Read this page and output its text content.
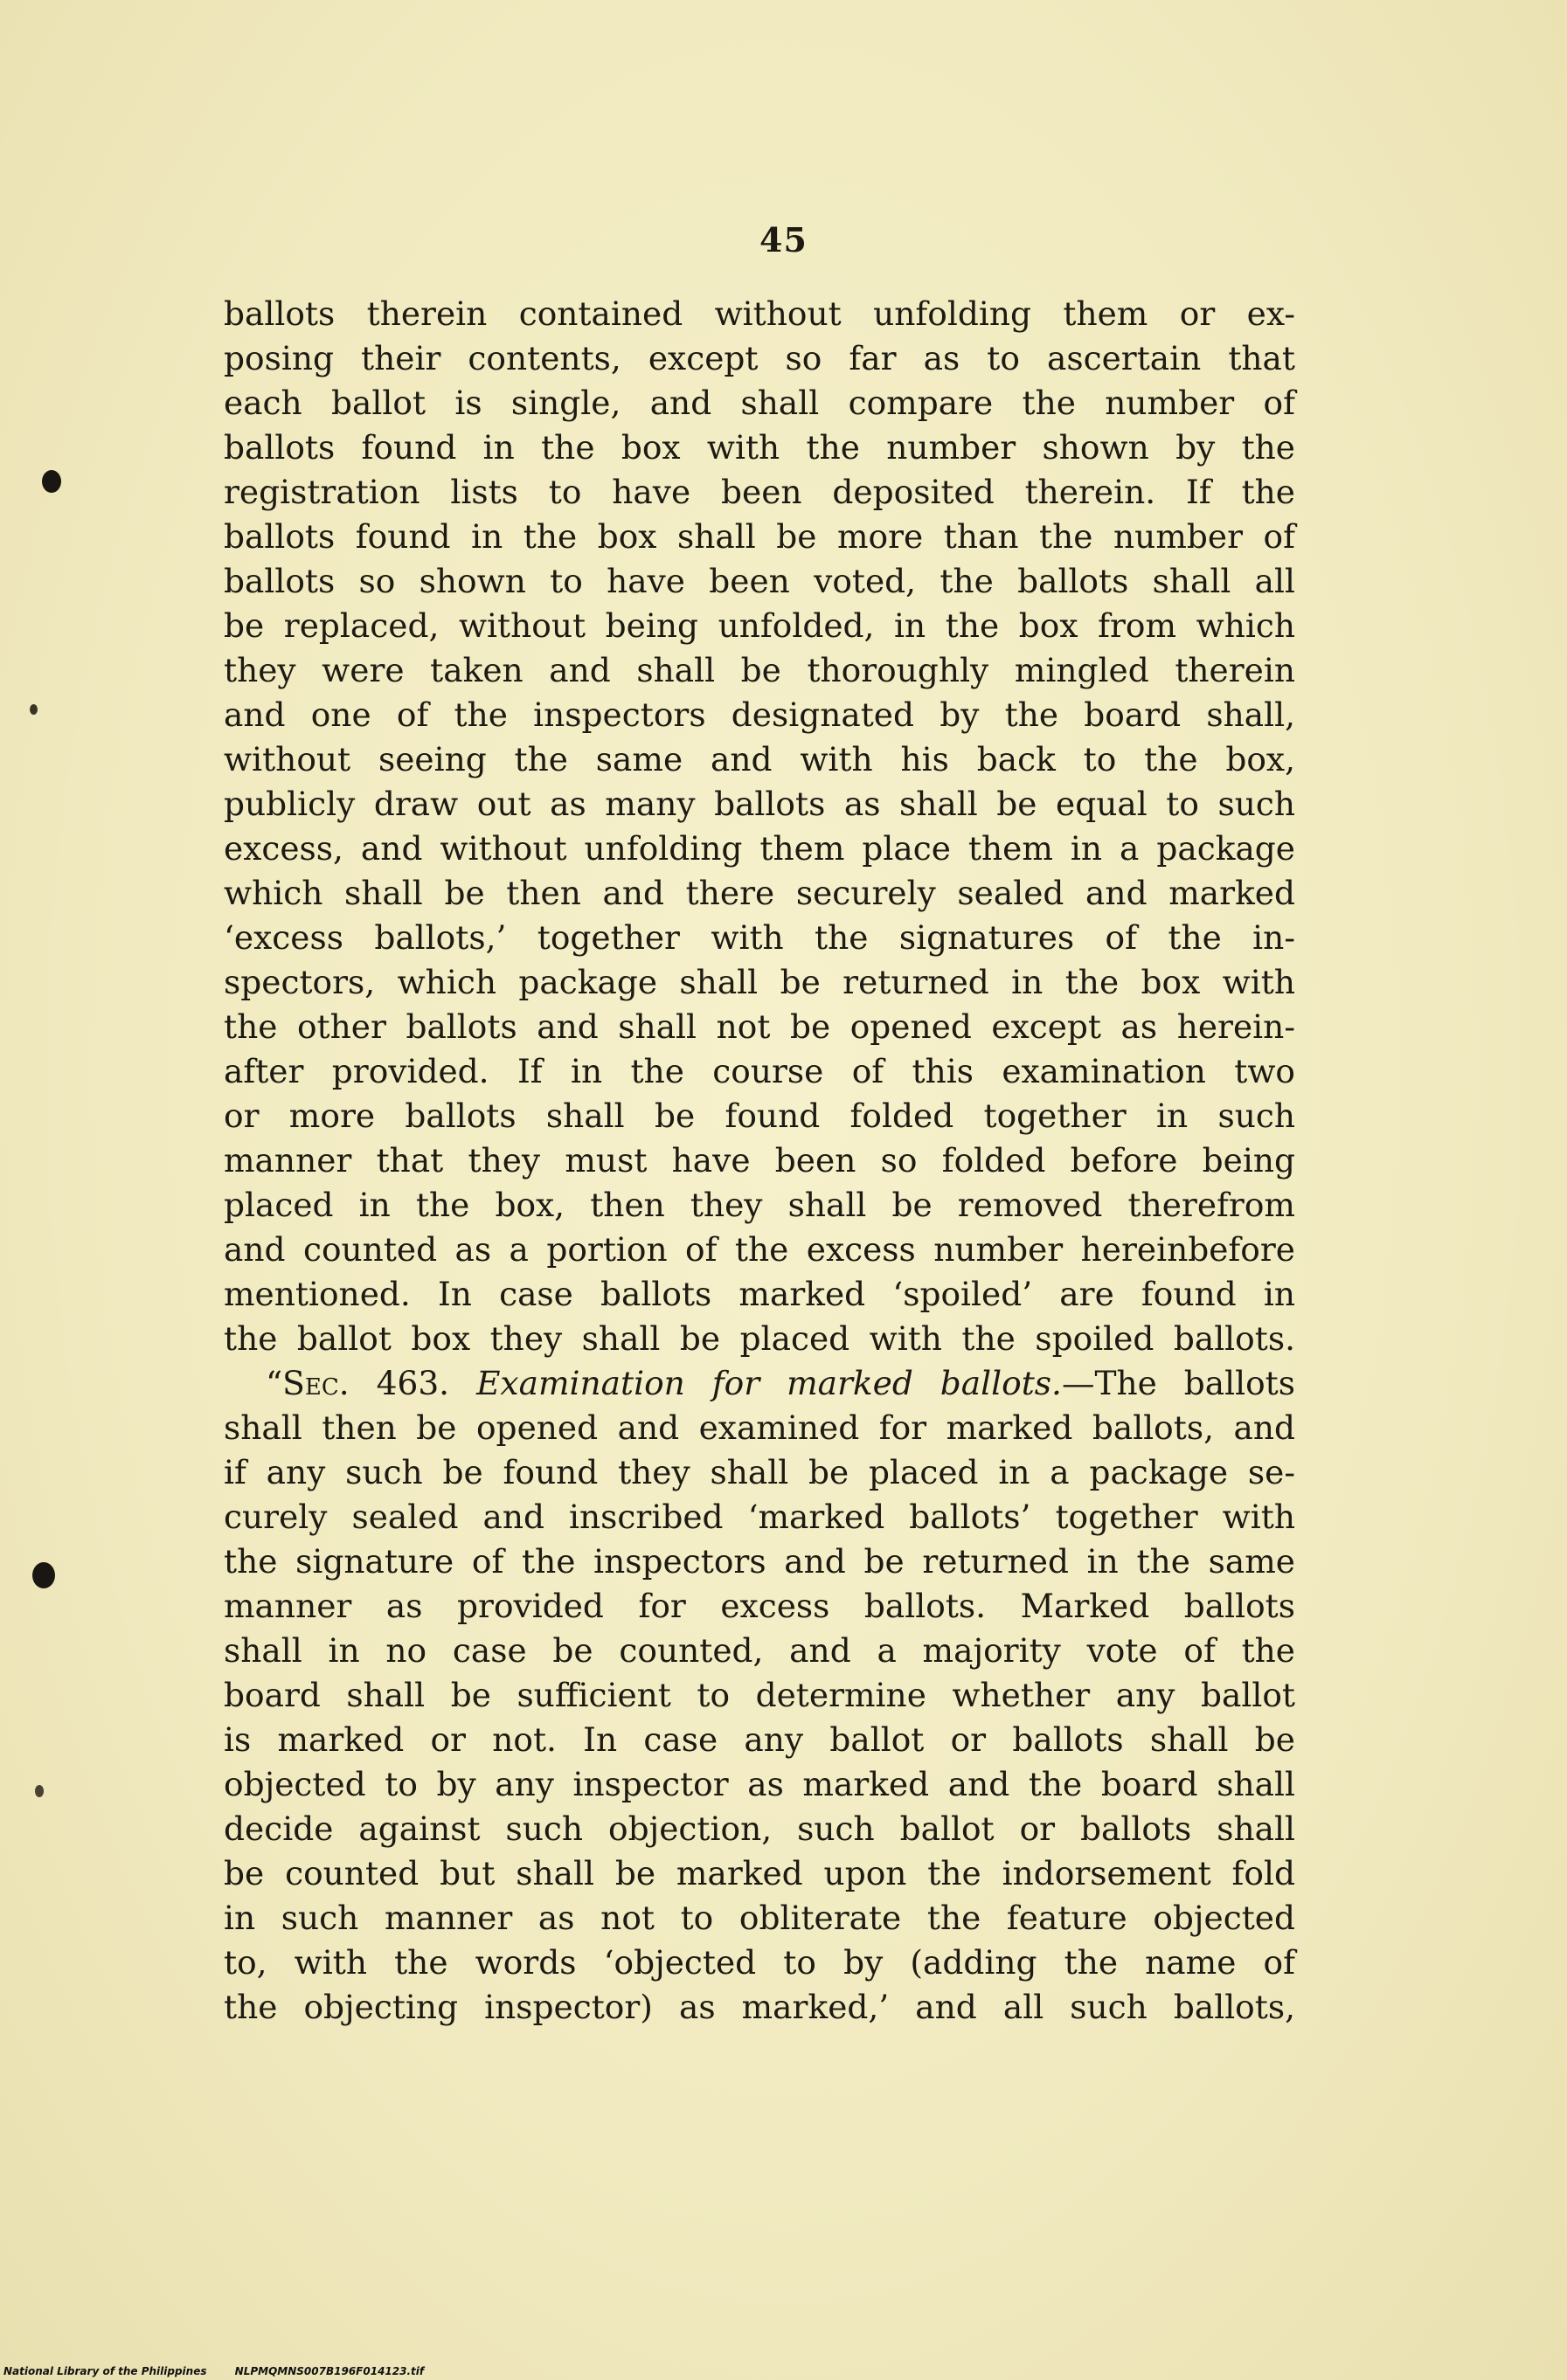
45
ballots therein contained without unfolding them or ex-
posing their contents, except so far as to ascertain that
each ballot is single, and shall compare the number of
ballots found in the box with the number shown by the
registration lists to have been deposited therein. If the
ballots found in the box shall be more than the number of
ballots so shown to have been voted, the ballots shall all
be replaced, without being unfolded, in the box from which
they were taken and shall be thoroughly mingled therein
and one of the inspectors designated by the board shall,
without seeing the same and with his back to the box,
publicly draw out as many ballots as shall be equal to such
excess, and without unfolding them place them in a package
which shall be then and there securely sealed and marked
‘excess ballots,’ together with the signatures of the in-
spectors, which package shall be returned in the box with
the other ballots and shall not be opened except as herein-
after provided. If in the course of this examination two
or more ballots shall be found folded together in such
manner that they must have been so folded before being
placed in the box, then they shall be removed therefrom
and counted as a portion of the excess number hereinbefore
mentioned. In case ballots marked ‘spoiled’ are found in
the ballot box they shall be placed with the spoiled ballots.
“Sec. 463. Examination for marked ballots.—The ballots
shall then be opened and examined for marked ballots, and
if any such be found they shall be placed in a package se-
curely sealed and inscribed ‘marked ballots’ together with
the signature of the inspectors and be returned in the same
manner as provided for excess ballots. Marked ballots
shall in no case be counted, and a majority vote of the
board shall be sufficient to determine whether any ballot
is marked or not. In case any ballot or ballots shall be
objected to by any inspector as marked and the board shall
decide against such objection, such ballot or ballots shall
be counted but shall be marked upon the indorsement fold
in such manner as not to obliterate the feature objected
to, with the words ‘objected to by (adding the name of
the objecting inspector) as marked,’ and all such ballots,
National Library of the Philippines	NLPMQMNS007B196F014123.tif
